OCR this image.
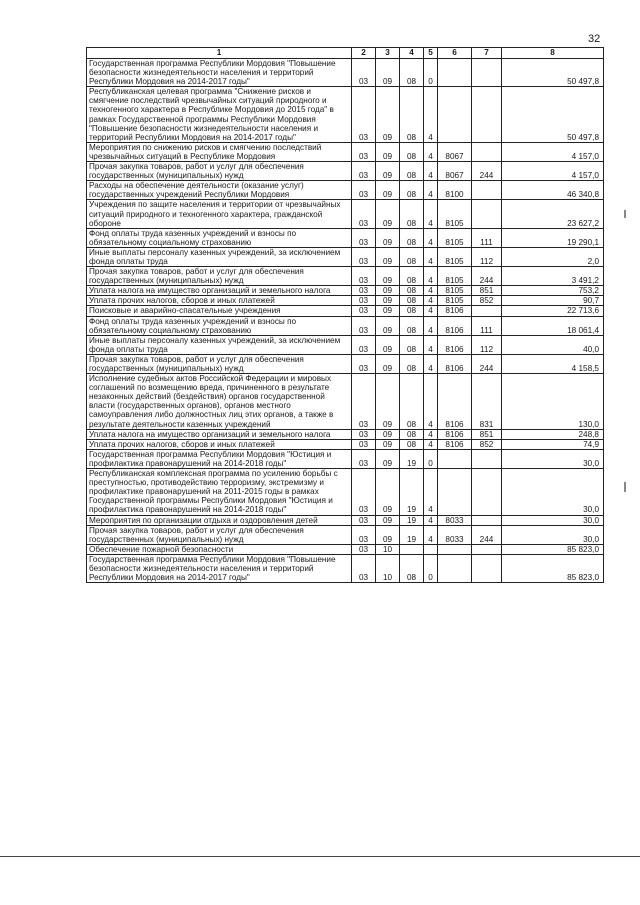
32
1	2	3	4	5	6	7	8
Государственная программа Республики Мордовия "Повышение безопасности жизнедеятельности населения и территорий Республики Мордовия на 2014-2017 годы"	03	09	08	0			50 497,8
Республиканская целевая программа "Снижение рисков и смягчение последствий чрезвычайных ситуаций природного и техногенного характера в Республике Мордовия до 2015 года" в рамках Государственной программы Республики Мордовия "Повышение безопасности жизнедеятельности населения и территорий Республики Мордовия на 2014-2017 годы"	03	09	08	4			50 497,8
Мероприятия по снижению рисков и смягчению последствий чрезвычайных ситуаций в Республике Мордовия	03	09	08	4	8067		4 157,0
Прочая закупка товаров, работ и услуг для обеспечения государственных (муниципальных) нужд	03	09	08	4	8067	244	4 157,0
Расходы на обеспечение деятельности (оказание услуг) государственных учреждений Республики Мордовия	03	09	08	4	8100		46 340,8
Учреждения по защите населения и территории от чрезвычайных ситуаций природного и техногенного характера, гражданской обороне	03	09	08	4	8105		23 627,2
Фонд оплаты труда казенных учреждений и взносы по обязательному социальному страхованию	03	09	08	4	8105	111	19 290,1
Иные выплаты персоналу казенных учреждений, за исключением фонда оплаты труда	03	09	08	4	8105	112	2,0
Прочая закупка товаров, работ и услуг для обеспечения государственных (муниципальных) нужд	03	09	08	4	8105	244	3 491,2
Уплата налога на имущество организаций и земельного налога	03	09	08	4	8105	851	753,2
Уплата прочих налогов, сборов и иных платежей	03	09	08	4	8105	852	90,7
Поисковые и аварийно-спасательные учреждения	03	09	08	4	8106		22 713,6
Фонд оплаты труда казенных учреждений и взносы по обязательному социальному страхованию	03	09	08	4	8106	111	18 061,4
Иные выплаты персоналу казенных учреждений, за исключением фонда оплаты труда	03	09	08	4	8106	112	40,0
Прочая закупка товаров, работ и услуг для обеспечения государственных (муниципальных) нужд	03	09	08	4	8106	244	4 158,5
Исполнение судебных актов Российской Федерации и мировых соглашений по возмещению вреда, причиненного в результате незаконных действий (бездействия) органов государственной власти (государственных органов), органов местного самоуправления либо должностных лиц этих органов, а также в результате деятельности казенных учреждений	03	09	08	4	8106	831	130,0
Уплата налога на имущество организаций и земельного налога	03	09	08	4	8106	851	248,8
Уплата прочих налогов, сборов и иных платежей	03	09	08	4	8106	852	74,9
Государственная программа Республики Мордовия "Юстиция и профилактика правонарушений на 2014-2018 годы"	03	09	19	0			30,0
Республиканская комплексная программа по усилению борьбы с преступностью, противодействию терроризму, экстремизму и профилактике правонарушений на 2011-2015 годы в рамках Государственной программы Республики Мордовия "Юстиция и профилактика правонарушений на 2014-2018 годы"	03	09	19	4			30,0
Мероприятия по организации отдыха и оздоровления детей	03	09	19	4	8033		30,0
Прочая закупка товаров, работ и услуг для обеспечения государственных (муниципальных) нужд	03	09	19	4	8033	244	30,0
Обеспечение пожарной безопасности	03	10					85 823,0
Государственная программа Республики Мордовия "Повышение безопасности жизнедеятельности населения и территорий Республики Мордовия на 2014-2017 годы"	03	10	08	0			85 823,0
